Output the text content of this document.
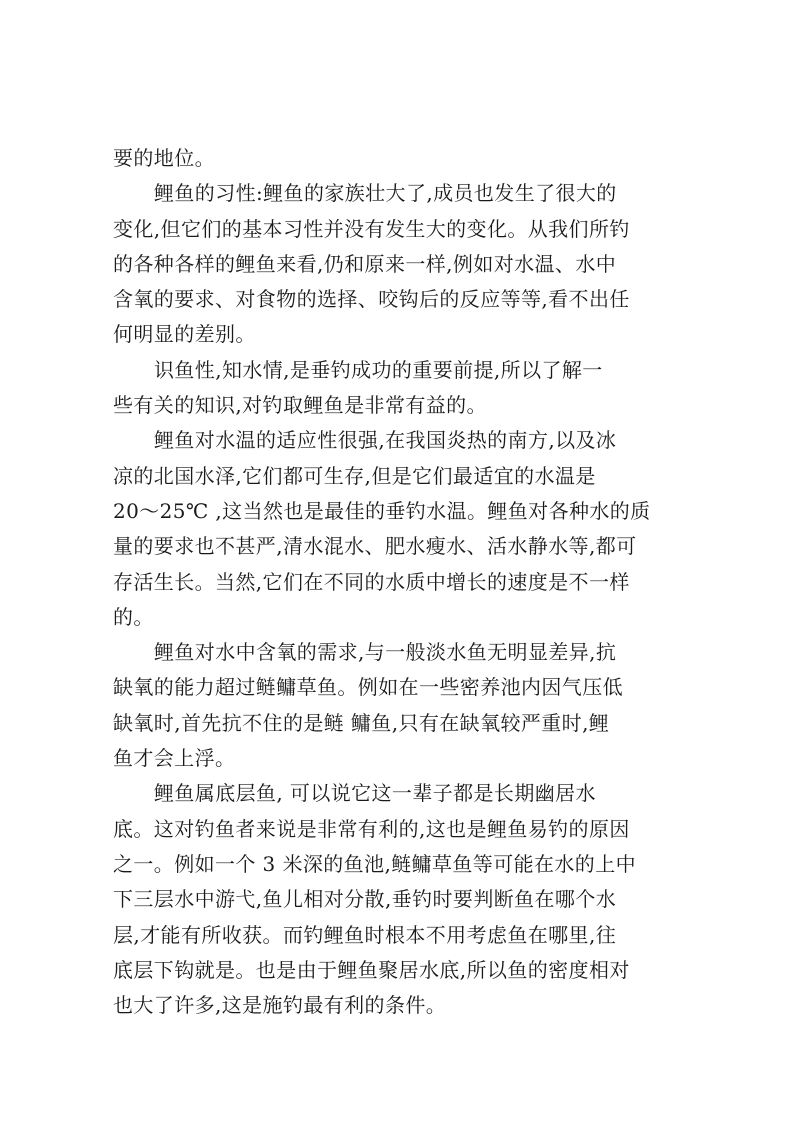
要的地位。
鲤鱼的习性:鲤鱼的家族壮大了,成员也发生了很大的
变化,但它们的基本习性并没有发生大的变化。从我们所钓
的各种各样的鲤鱼来看,仍和原来一样,例如对水温、水中
含氧的要求、对食物的选择、咬钩后的反应等等,看不出任
何明显的差别。
识鱼性,知水情,是垂钓成功的重要前提,所以了解一
些有关的知识,对钓取鲤鱼是非常有益的。
鲤鱼对水温的适应性很强,在我国炎热的南方,以及冰
凉的北国水泽,它们都可生存,但是它们最适宜的水温是
20～25℃ ,这当然也是最佳的垂钓水温。鲤鱼对各种水的质
量的要求也不甚严,清水混水、肥水瘦水、活水静水等,都可
存活生长。当然,它们在不同的水质中增长的速度是不一样
的。
鲤鱼对水中含氧的需求,与一般淡水鱼无明显差异,抗
缺氧的能力超过鲢鳙草鱼。例如在一些密养池内因气压低
缺氧时,首先抗不住的是鲢 鳙鱼,只有在缺氧较严重时,鲤
鱼才会上浮。
鲤鱼属底层鱼, 可以说它这一辈子都是长期幽居水
底。这对钓鱼者来说是非常有利的,这也是鲤鱼易钓的原因
之一。例如一个 3 米深的鱼池,鲢鳙草鱼等可能在水的上中
下三层水中游弋,鱼儿相对分散,垂钓时要判断鱼在哪个水
层,才能有所收获。而钓鲤鱼时根本不用考虑鱼在哪里,往
底层下钩就是。也是由于鲤鱼聚居水底,所以鱼的密度相对
也大了许多,这是施钓最有利的条件。
